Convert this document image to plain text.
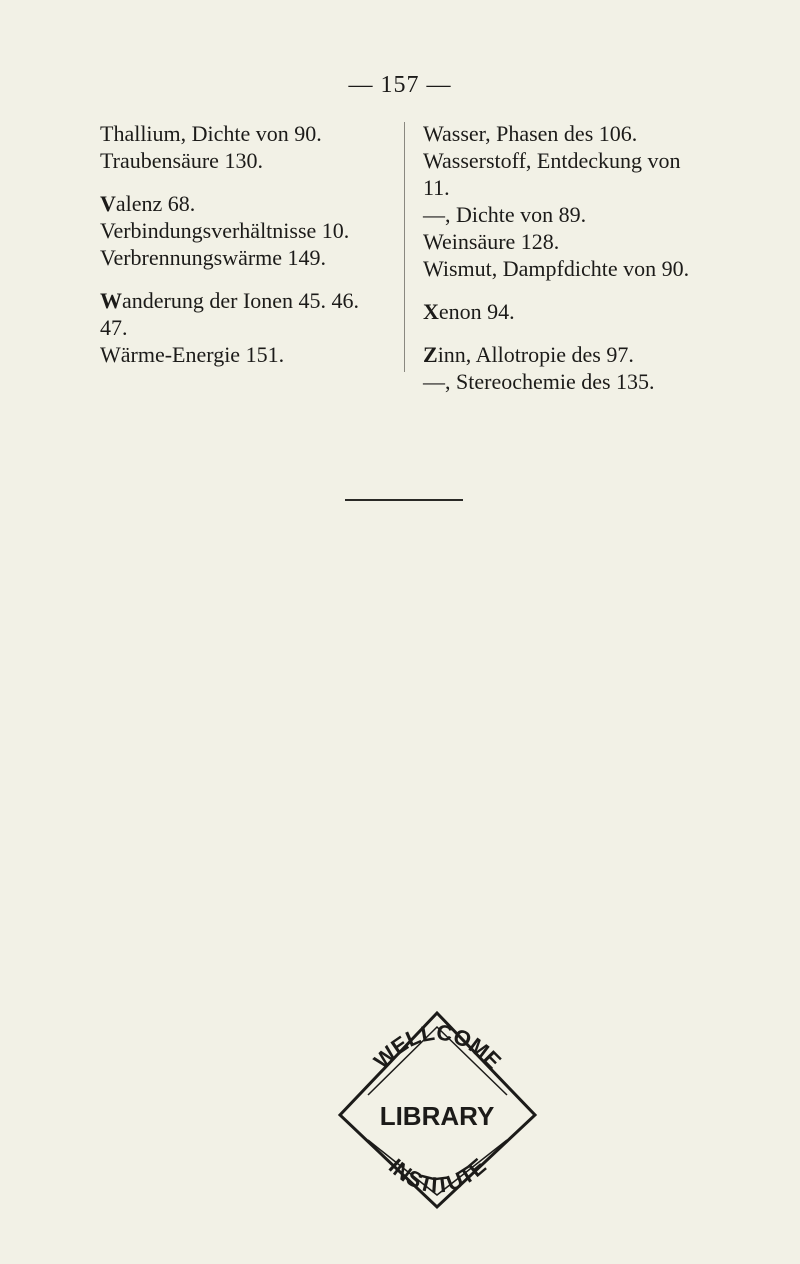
— 157 —
Thallium, Dichte von 90.
Traubensäure 130.
Valenz 68.
Verbindungsverhältnisse 10.
Verbrennungswärme 149.
Wanderung der Ionen 45. 46.
47.
Wärme-Energie 151.
Wasser, Phasen des 106.
Wasserstoff, Entdeckung von
11.
—, Dichte von 89.
Weinsäure 128.
Wismut, Dampfdichte von 90.
Xenon 94.
Zinn, Allotropie des 97.
—, Stereochemie des 135.
WELLCOME
LIBRARY
INSTITUTE
